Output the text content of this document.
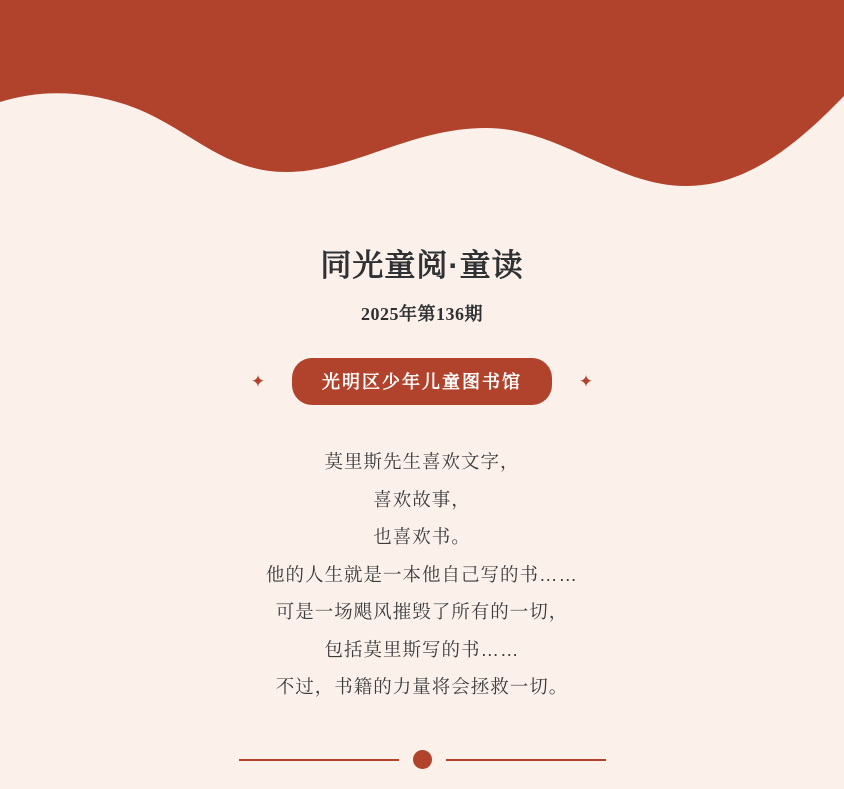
同光童阅·童读
2025年第136期
✦	光明区少年儿童图书馆	✦
莫里斯先生喜欢文字，
喜欢故事，
也喜欢书。
他的人生就是一本他自己写的书……
可是一场飓风摧毁了所有的一切，
包括莫里斯写的书……
不过，书籍的力量将会拯救一切。
